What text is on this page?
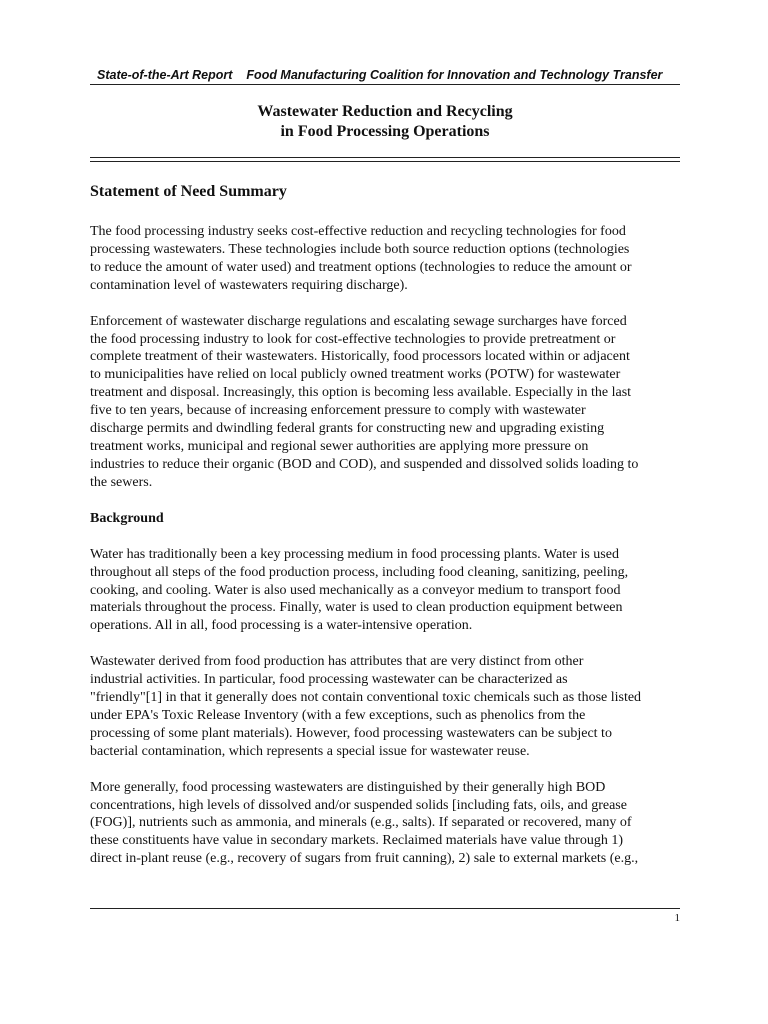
State-of-the-Art Report Food Manufacturing Coalition for Innovation and Technology Transfer
Wastewater Reduction and Recycling
in Food Processing Operations
Statement of Need Summary
The food processing industry seeks cost-effective reduction and recycling technologies for food
processing wastewaters. These technologies include both source reduction options (technologies
to reduce the amount of water used) and treatment options (technologies to reduce the amount or
contamination level of wastewaters requiring discharge).
Enforcement of wastewater discharge regulations and escalating sewage surcharges have forced
the food processing industry to look for cost-effective technologies to provide pretreatment or
complete treatment of their wastewaters. Historically, food processors located within or adjacent
to municipalities have relied on local publicly owned treatment works (POTW) for wastewater
treatment and disposal. Increasingly, this option is becoming less available. Especially in the last
five to ten years, because of increasing enforcement pressure to comply with wastewater
discharge permits and dwindling federal grants for constructing new and upgrading existing
treatment works, municipal and regional sewer authorities are applying more pressure on
industries to reduce their organic (BOD and COD), and suspended and dissolved solids loading to
the sewers.
Background
Water has traditionally been a key processing medium in food processing plants. Water is used
throughout all steps of the food production process, including food cleaning, sanitizing, peeling,
cooking, and cooling. Water is also used mechanically as a conveyor medium to transport food
materials throughout the process. Finally, water is used to clean production equipment between
operations. All in all, food processing is a water-intensive operation.
Wastewater derived from food production has attributes that are very distinct from other
industrial activities. In particular, food processing wastewater can be characterized as
"friendly"[1] in that it generally does not contain conventional toxic chemicals such as those listed
under EPA's Toxic Release Inventory (with a few exceptions, such as phenolics from the
processing of some plant materials). However, food processing wastewaters can be subject to
bacterial contamination, which represents a special issue for wastewater reuse.
More generally, food processing wastewaters are distinguished by their generally high BOD
concentrations, high levels of dissolved and/or suspended solids [including fats, oils, and grease
(FOG)], nutrients such as ammonia, and minerals (e.g., salts). If separated or recovered, many of
these constituents have value in secondary markets. Reclaimed materials have value through 1)
direct in-plant reuse (e.g., recovery of sugars from fruit canning), 2) sale to external markets (e.g.,
1
